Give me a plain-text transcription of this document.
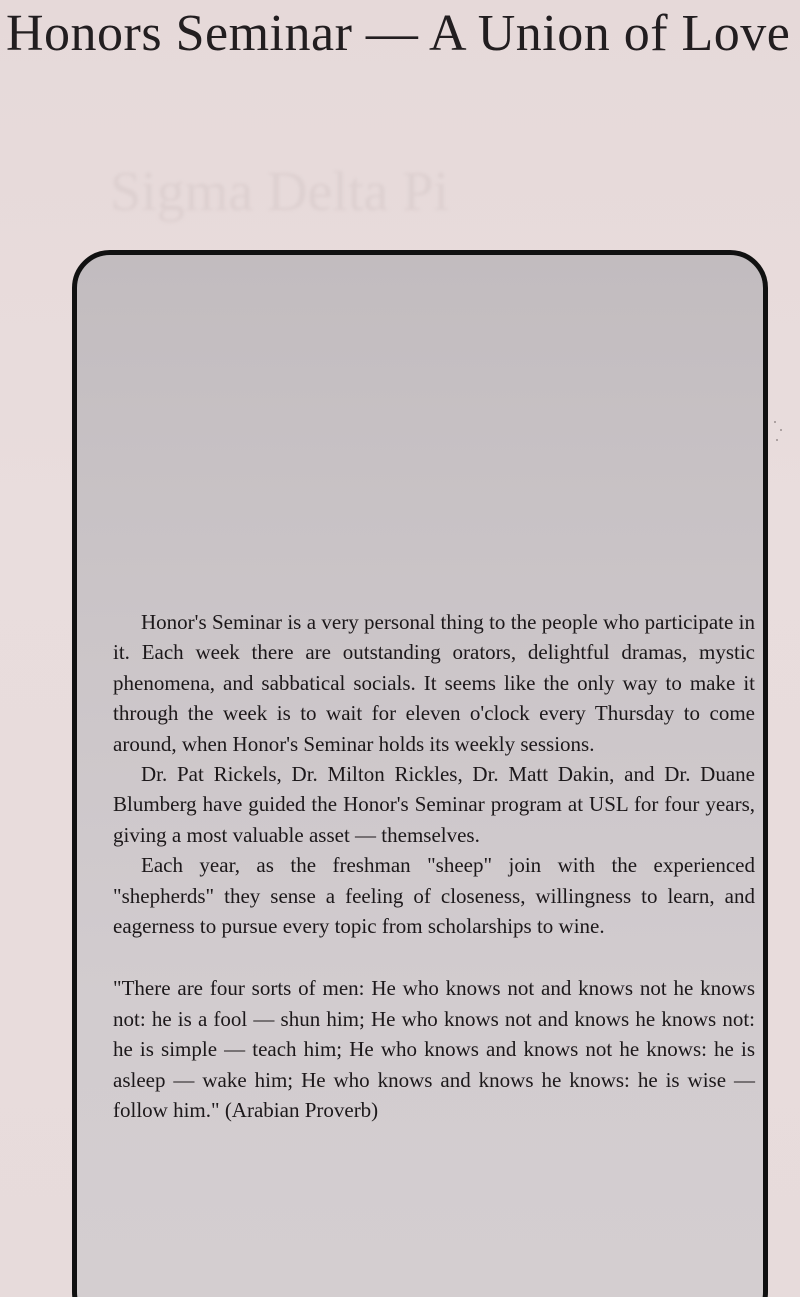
Honors Seminar — A Union of Love
Sigma Delta Pi

Honor's Seminar is a very personal thing to the people who participate in it. Each week there are outstanding orators, delightful dramas, mystic phenomena, and sabbatical socials. It seems like the only way to make it through the week is to wait for eleven o'clock every Thursday to come around, when Honor's Seminar holds its weekly sessions.

Dr. Pat Rickels, Dr. Milton Rickles, Dr. Matt Dakin, and Dr. Duane Blumberg have guided the Honor's Seminar program at USL for four years, giving a most valuable asset — themselves.

Each year, as the freshman "sheep" join with the experienced "shepherds" they sense a feeling of closeness, willingness to learn, and eagerness to pursue every topic from scholarships to wine.

"There are four sorts of men: He who knows not and knows not he knows not: he is a fool — shun him; He who knows not and knows he knows not: he is simple — teach him; He who knows and knows not he knows: he is asleep — wake him; He who knows and knows he knows: he is wise — follow him." (Arabian Proverb)
